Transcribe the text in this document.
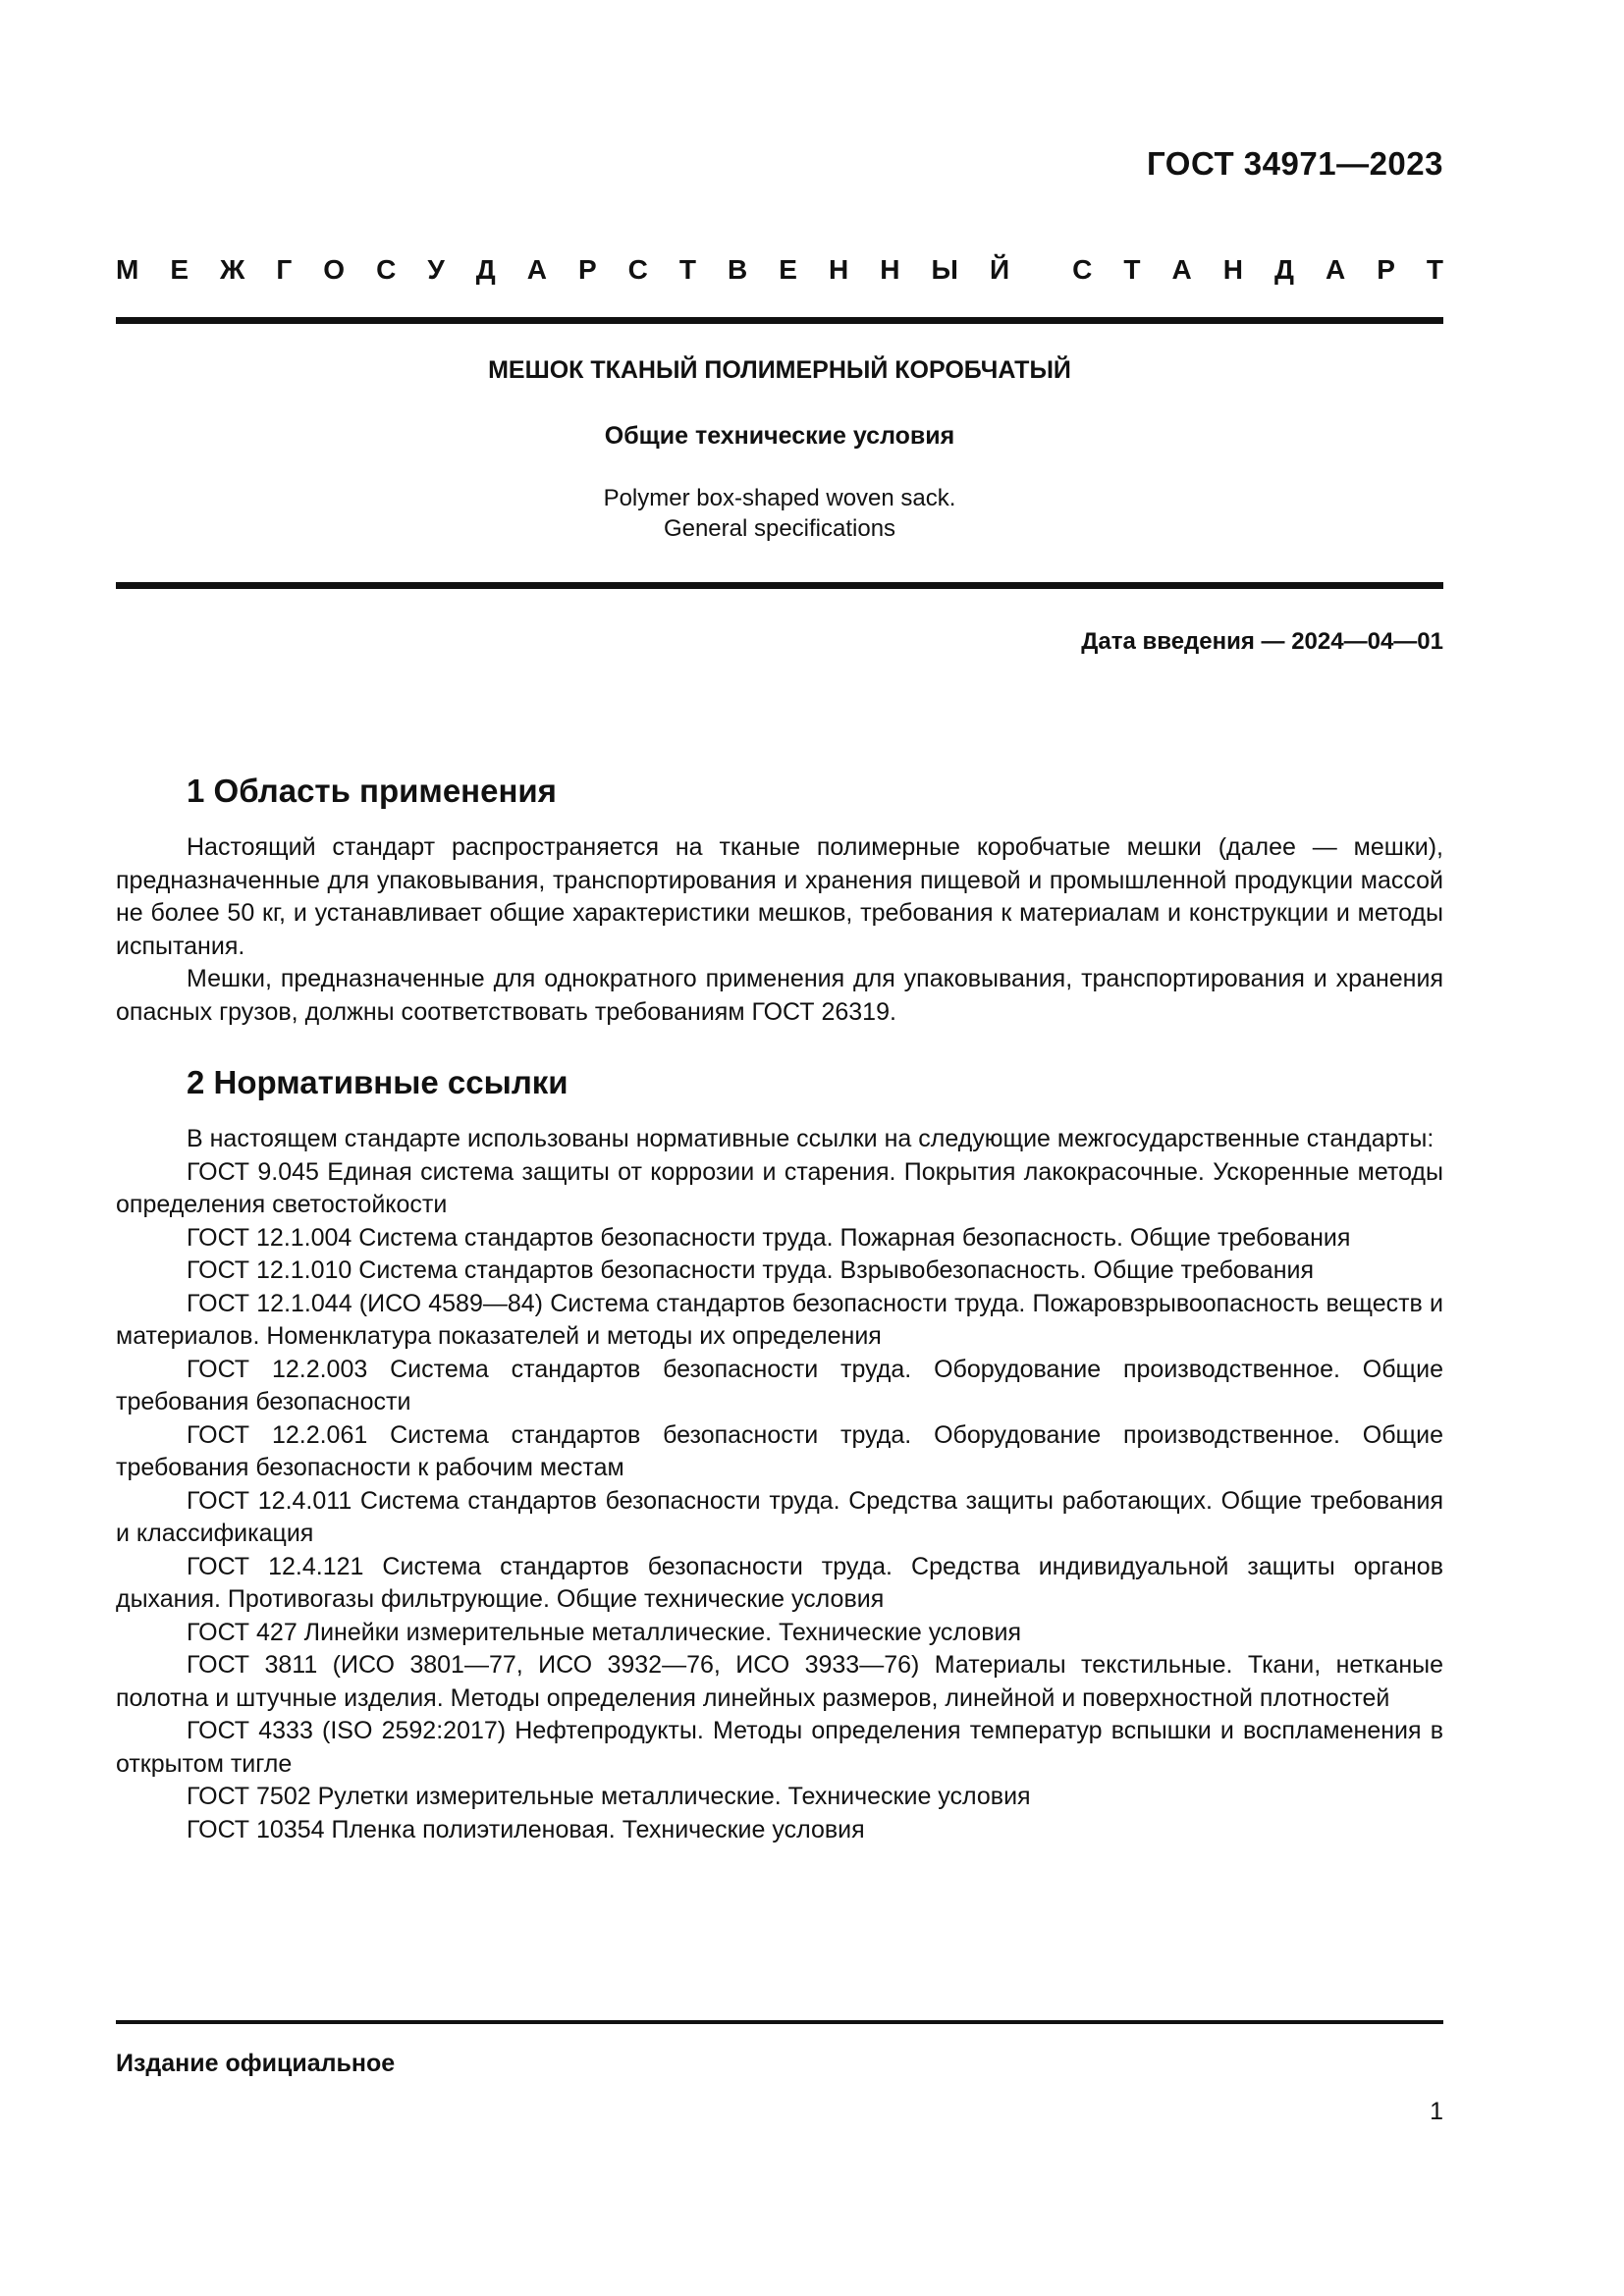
ГОСТ 34971—2023
М Е Ж Г О С У Д А Р С Т В Е Н Н Ы Й С Т А Н Д А Р Т
МЕШОК ТКАНЫЙ ПОЛИМЕРНЫЙ КОРОБЧАТЫЙ
Общие технические условия
Polymer box-shaped woven sack.
General specifications
Дата введения — 2024—04—01
1 Область применения

Настоящий стандарт распространяется на тканые полимерные коробчатые мешки (далее — мешки), предназначенные для упаковывания, транспортирования и хранения пищевой и промышленной продукции массой не более 50 кг, и устанавливает общие характеристики мешков, требования к материалам и конструкции и методы испытания.

Мешки, предназначенные для однократного применения для упаковывания, транспортирования и хранения опасных грузов, должны соответствовать требованиям ГОСТ 26319.

2 Нормативные ссылки

В настоящем стандарте использованы нормативные ссылки на следующие межгосударственные стандарты:

ГОСТ 9.045 Единая система защиты от коррозии и старения. Покрытия лакокрасочные. Ускоренные методы определения светостойкости

ГОСТ 12.1.004 Система стандартов безопасности труда. Пожарная безопасность. Общие требования

ГОСТ 12.1.010 Система стандартов безопасности труда. Взрывобезопасность. Общие требования

ГОСТ 12.1.044 (ИСО 4589—84) Система стандартов безопасности труда. Пожаровзрывоопасность веществ и материалов. Номенклатура показателей и методы их определения

ГОСТ 12.2.003 Система стандартов безопасности труда. Оборудование производственное. Общие требования безопасности

ГОСТ 12.2.061 Система стандартов безопасности труда. Оборудование производственное. Общие требования безопасности к рабочим местам

ГОСТ 12.4.011 Система стандартов безопасности труда. Средства защиты работающих. Общие требования и классификация

ГОСТ 12.4.121 Система стандартов безопасности труда. Средства индивидуальной защиты органов дыхания. Противогазы фильтрующие. Общие технические условия

ГОСТ 427 Линейки измерительные металлические. Технические условия

ГОСТ 3811 (ИСО 3801—77, ИСО 3932—76, ИСО 3933—76) Материалы текстильные. Ткани, нетканые полотна и штучные изделия. Методы определения линейных размеров, линейной и поверхностной плотностей

ГОСТ 4333 (ISO 2592:2017) Нефтепродукты. Методы определения температур вспышки и воспламенения в открытом тигле

ГОСТ 7502 Рулетки измерительные металлические. Технические условия

ГОСТ 10354 Пленка полиэтиленовая. Технические условия

Издание официальное
1
